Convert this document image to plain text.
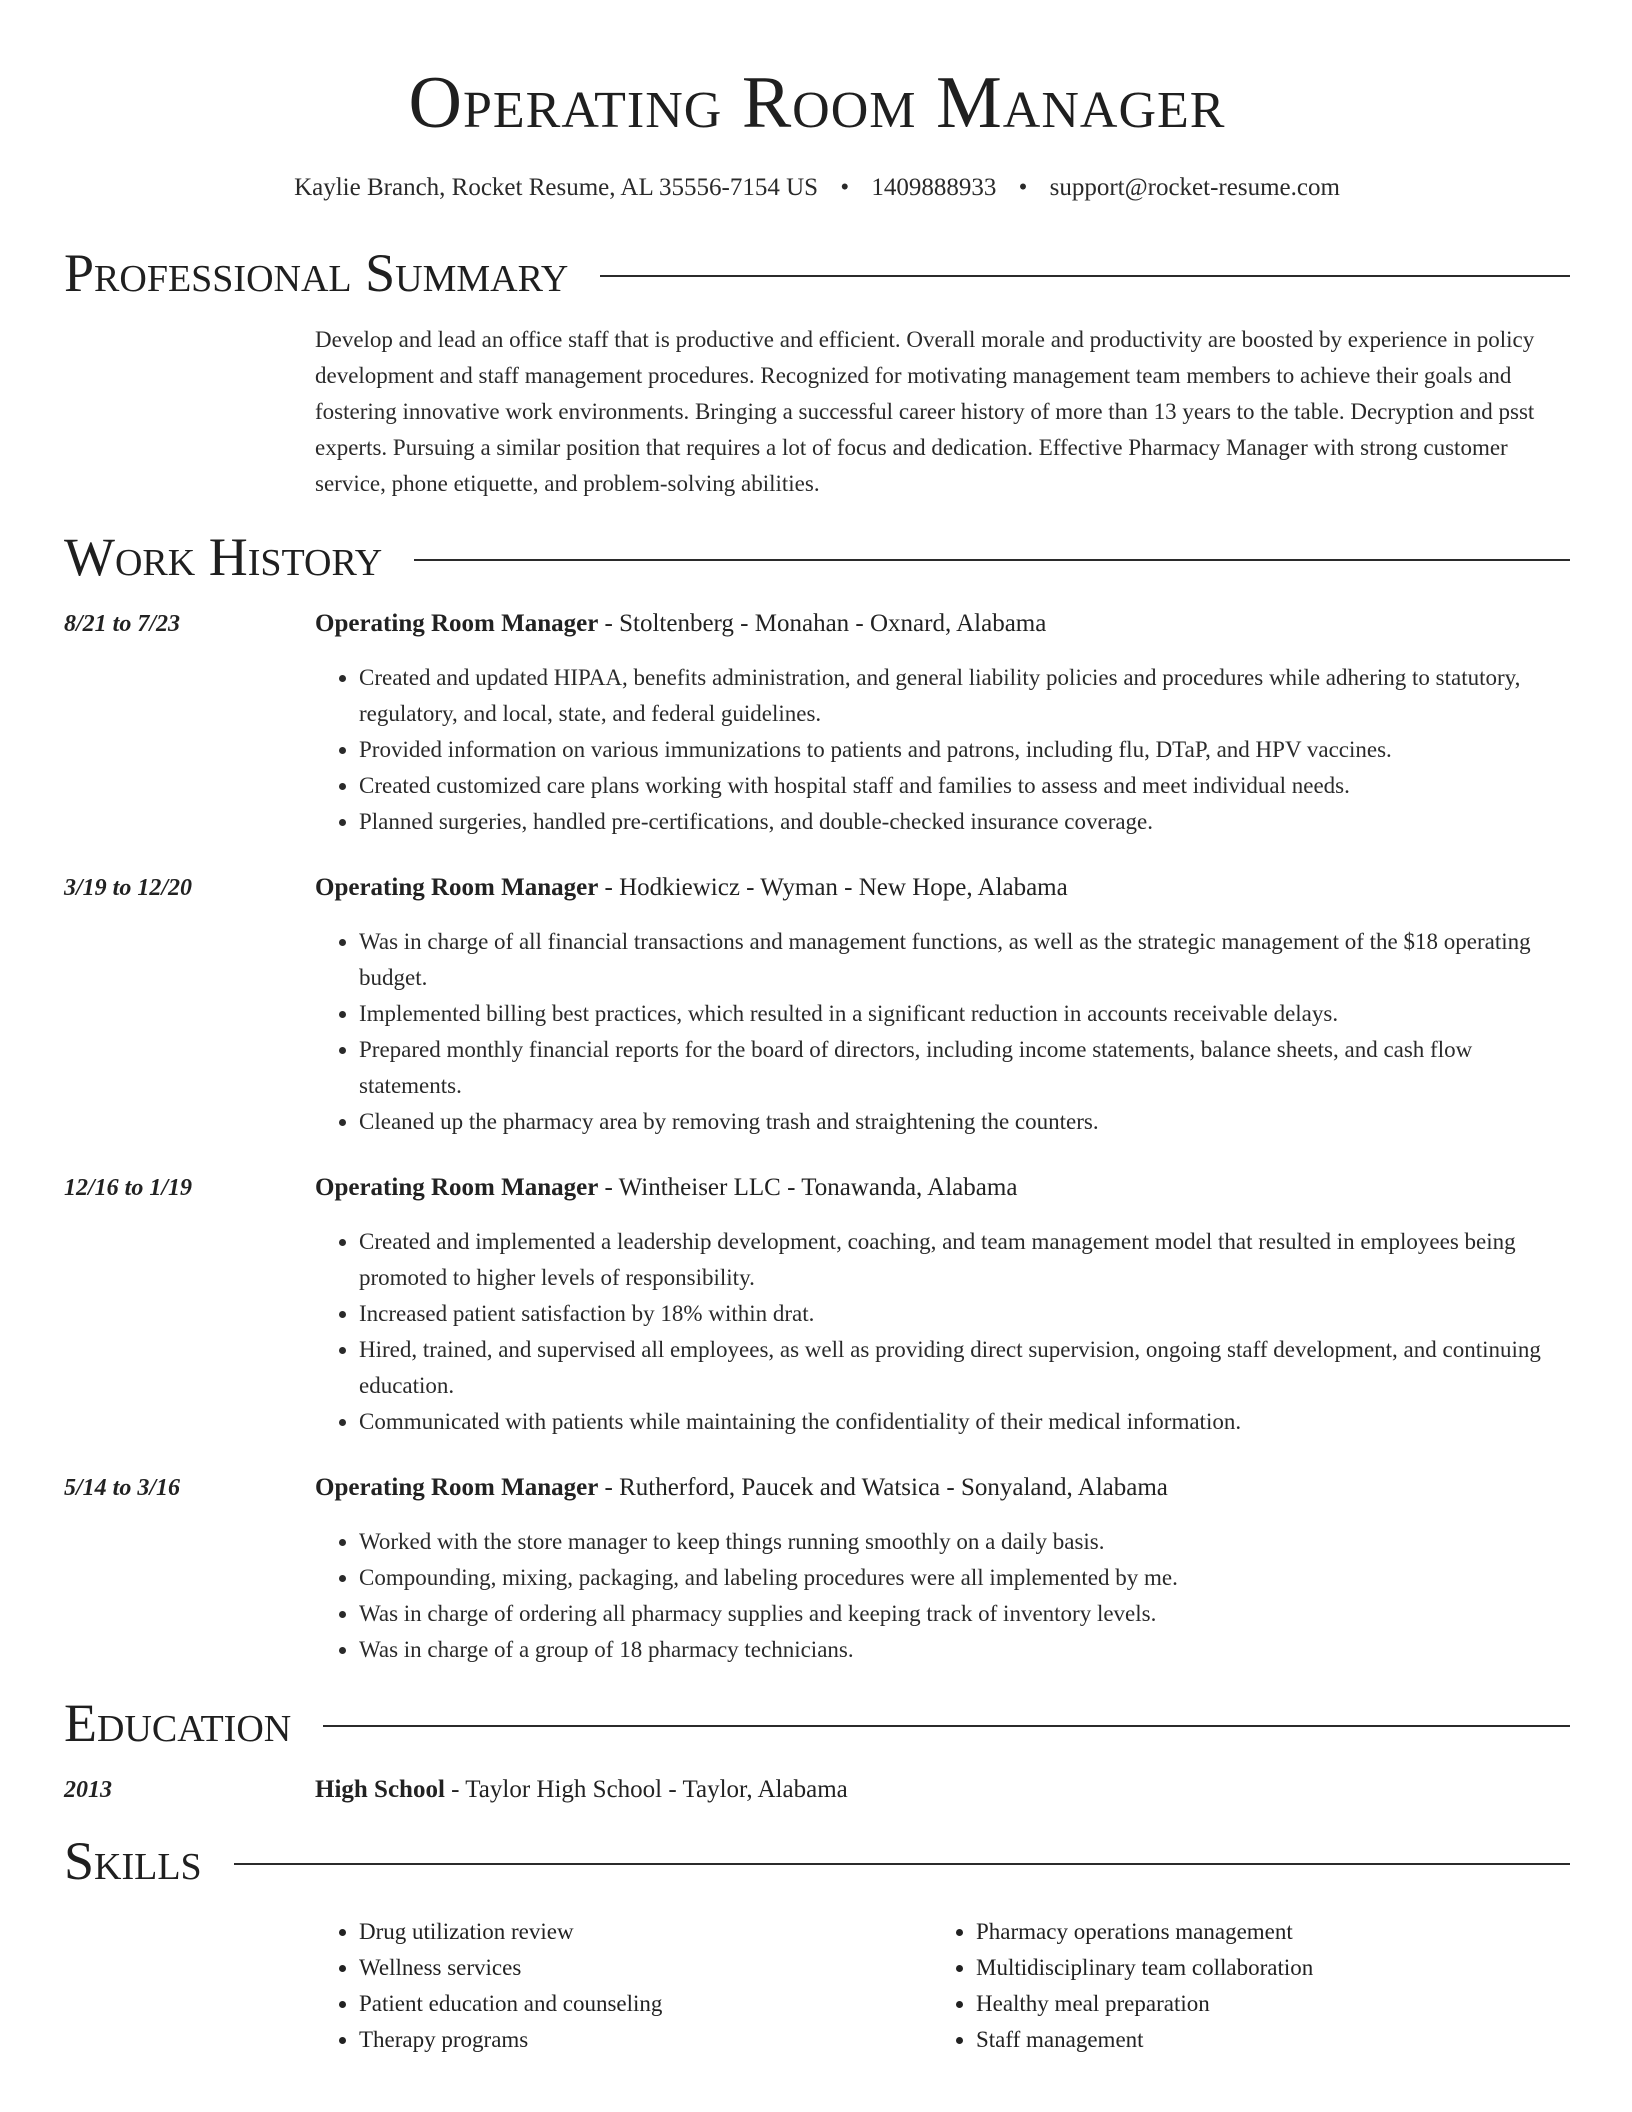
Operating Room Manager
Kaylie Branch, Rocket Resume, AL 35556-7154 US • 1409888933 • support@rocket-resume.com
Professional Summary
Develop and lead an office staff that is productive and efficient. Overall morale and productivity are boosted by experience in policy development and staff management procedures. Recognized for motivating management team members to achieve their goals and fostering innovative work environments. Bringing a successful career history of more than 13 years to the table. Decryption and psst experts. Pursuing a similar position that requires a lot of focus and dedication. Effective Pharmacy Manager with strong customer service, phone etiquette, and problem-solving abilities.
Work History
8/21 to 7/23	Operating Room Manager - Stoltenberg - Monahan - Oxnard, Alabama
• Created and updated HIPAA, benefits administration, and general liability policies and procedures while adhering to statutory, regulatory, and local, state, and federal guidelines.
• Provided information on various immunizations to patients and patrons, including flu, DTaP, and HPV vaccines.
• Created customized care plans working with hospital staff and families to assess and meet individual needs.
• Planned surgeries, handled pre-certifications, and double-checked insurance coverage.
3/19 to 12/20	Operating Room Manager - Hodkiewicz - Wyman - New Hope, Alabama
• Was in charge of all financial transactions and management functions, as well as the strategic management of the $18 operating budget.
• Implemented billing best practices, which resulted in a significant reduction in accounts receivable delays.
• Prepared monthly financial reports for the board of directors, including income statements, balance sheets, and cash flow statements.
• Cleaned up the pharmacy area by removing trash and straightening the counters.
12/16 to 1/19	Operating Room Manager - Wintheiser LLC - Tonawanda, Alabama
• Created and implemented a leadership development, coaching, and team management model that resulted in employees being promoted to higher levels of responsibility.
• Increased patient satisfaction by 18% within drat.
• Hired, trained, and supervised all employees, as well as providing direct supervision, ongoing staff development, and continuing education.
• Communicated with patients while maintaining the confidentiality of their medical information.
5/14 to 3/16	Operating Room Manager - Rutherford, Paucek and Watsica - Sonyaland, Alabama
• Worked with the store manager to keep things running smoothly on a daily basis.
• Compounding, mixing, packaging, and labeling procedures were all implemented by me.
• Was in charge of ordering all pharmacy supplies and keeping track of inventory levels.
• Was in charge of a group of 18 pharmacy technicians.
Education
2013	High School - Taylor High School - Taylor, Alabama
Skills
• Drug utilization review
• Wellness services
• Patient education and counseling
• Therapy programs
• Pharmacy operations management
• Multidisciplinary team collaboration
• Healthy meal preparation
• Staff management
